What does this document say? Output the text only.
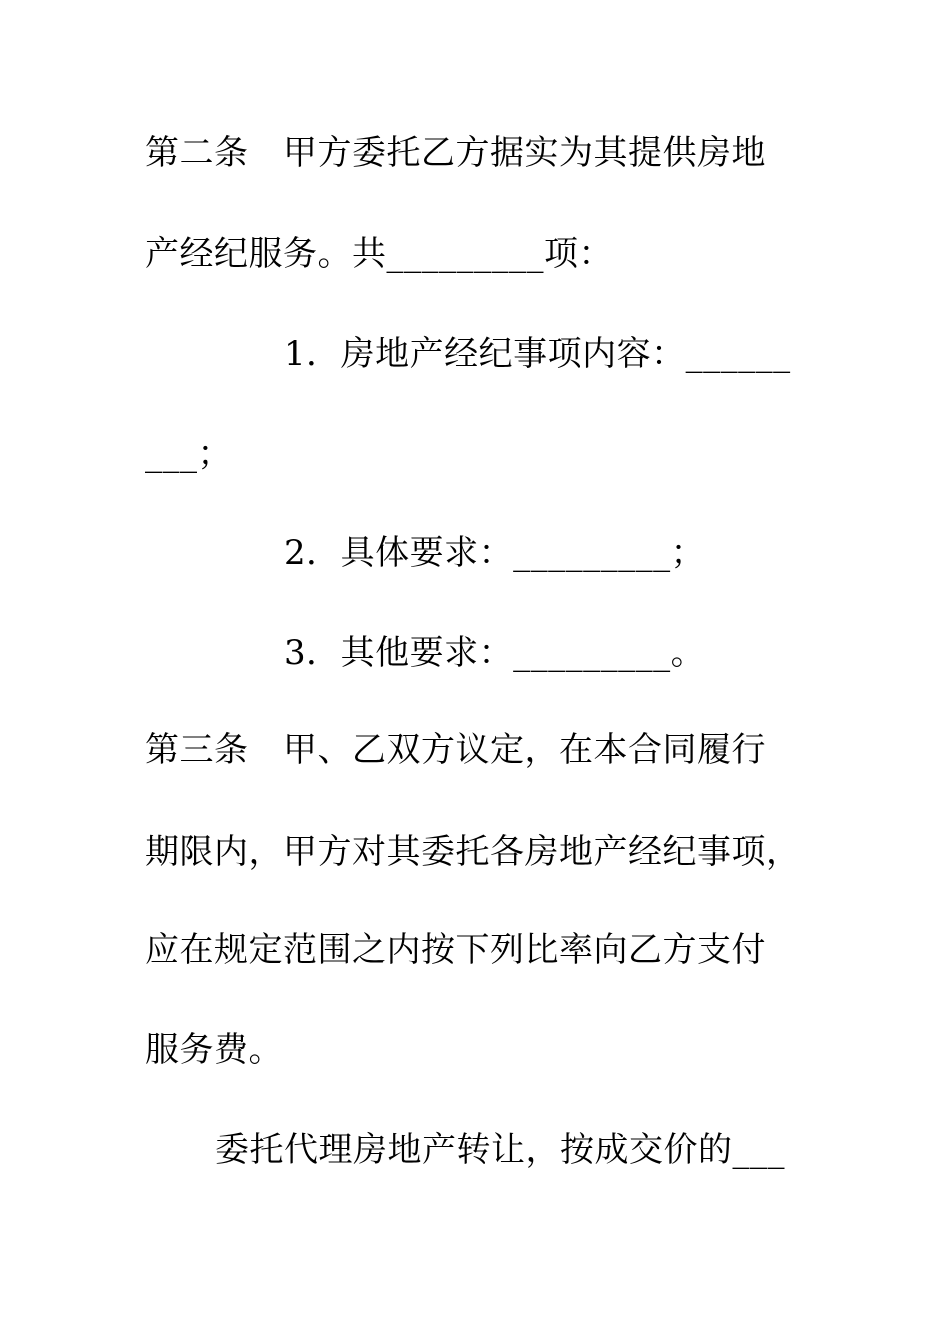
第二条　甲方委托乙方据实为其提供房地
产经纪服务。共_________项：
1．房地产经纪事项内容：______
___；
2．具体要求：_________；
3．其他要求：_________。
第三条　甲、乙双方议定，在本合同履行
期限内，甲方对其委托各房地产经纪事项，
应在规定范围之内按下列比率向乙方支付
服务费。
委托代理房地产转让，按成交价的___
